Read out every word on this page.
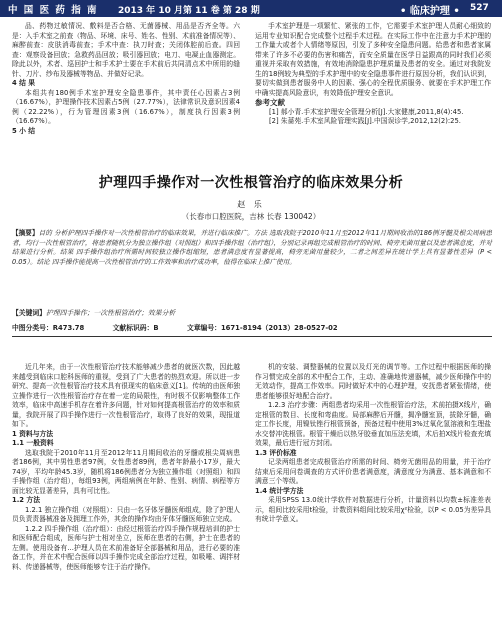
中 国 医 药 指 南 2013 年 10 月第 11 卷 第 28 期	• 临床护理 • 527

品、药物过敏情况、敷料是否合格、无菌器械、用品是否齐全等。六是：入手术室之前查（物品、环境、床号、姓名、性别、术前准备情况等）、麻醉前查：皮肤消毒前查；手术中查：执刀时查；关闭体腔前后查。四回查：观察设备回放；急救药品回放；吸引器回放；电刀、电凝止血器测定。除此以外，术者、巡回护士和手术护士要在手术前后共同清点术中所用的缝针、刀片、纱布及器械等物品、并做好记录。

4 结 果

本组共有180例手术室护理安全隐患事件，其中责任心因素占3例（16.67%），护理操作技术因素占5例（27.77%），法律常识及意识因素4例（22.22%），行为管理因素3例（16.67%），制度执行因素3例（16.67%）。

5 小 结

手术室护理是一项繁忙、紧张的工作，它需要手术室护理人员耐心细致的运用专业知识配合完成整个过程手术过程。在实际工作中在注意力手术护理的工作量大或者个人情绪等原因，引发了多种安全隐患问题。给患者和患者家属带来了许多不必要的伤害和痛苦，而安全质量在医学日益跟高的同时我们必须重视并采取有效措施，有效地消除隐患护理质量及患者的安全。通过对我院发生的18例较为典型的手术护理中的安全隐患事件进行原因分析，我们认识到，要切实做到患者服务中人的因素、强心的全程优质服务、就要在手术护理工作中确实提高风险意识，有效降低护理安全意识。

参考文献

[1] 郝小青.手术室护理安全管理分析[J].大家健康,2011,8(4):45.

[2] 朱蔷苑.手术室风险管理实践[J].中国误诊学,2012,12(2):25.

护理四手操作对一次性根管治疗的临床效果分析
赵 乐
（长春市口腔医院，吉林 长春 130042）
【摘要】目的 分析护理四手操作对一次性根管治疗的临床效果，并进行临床推广。方法 选取我院于2010年11月至2012年11月期间收治的186例牙髓及根尖周病患者，均行一次性根管治疗，将患者随机分为独立操作组（对照组）和四手操作组（治疗组），分别记录再组完成根管治疗的时间、椅旁无菌用量以及患者满意度，并对结果进行分析。结果 四手操作组治疗所需时间较独立操作组缩短，患者满意度有显著提高，椅旁无菌用量较少，二者之间差异在统计学上具有显著性差异（P < 0.05）。结论 四手操作能提高一次性根管治疗的工作效率和治疗成功率，值得在临床上推广使用。
【关键词】护理四手操作；一次性根管治疗；效果分析
中图分类号：R473.78	文献标识码：B	文章编号：1671-8194（2013）28-0527-02

近几年来，由于一次性根管治疗技术能够减少患者的就医次数，因此越来越受到临床口腔科医师的重视，受到了广大患者的热烈欢迎。所以进一步研究、提高一次性根管治疗技术具有很现实的临床意义[1]。传统的由医师独立操作进行一次性根管治疗存在着一定的局限性，有时极不仅影响整体工作效率，临床中高速手机存在着许多问题，针对如何提高根管治疗的效率和质量，我院开展了四手操作进行一次性根管治疗，取得了良好的效果，现报道如下。

1 资料与方法

1.1 一般资料

选取我院于2010年11月至2012年11月期间收治的牙髓或根尖周病患者186例，其中男性患者97例，女性患者89例，患者年龄最小17岁，最大74岁，平均年龄45.3岁，随机将186例患者分为独立操作组（对照组）和四手操作组（治疗组），每组93例，两组病例在年龄、性别、病情、病程等方面比较无显著差异，具有可比性。

1.2 方法

1.2.1 独立操作组（对照组）：只由一名牙体牙髓医师组成，除了护理人员负责责器械准备及拥理工作外，其余的操作均由牙体牙髓医师独立完成。

1.2.2 四手操作组（治疗组）：由经过根管治疗四手操作规程培训的护士和医师配合组成，医师与护士相对坐立，医师在患者的右侧，护士在患者的左侧。使用设备有...护理人员在术前准备好全部器械和用品，进行必要的准备工作，并在术中配合医师以四手操作完成全部治疗过程，如吸唾、调拌材料、传递器械等，使医师能够专注于治疗操作。

机的安装、调整器械的位置以及灯光的调节等。工作过程中根据医师的操作习惯完成全部的术中配合工作，主动、准确地传递器械，减少医师操作中的无效动作，提高工作效率。同时做好术中的心理护理，安抚患者紧张情绪，使患者能够很好地配合治疗。

1.2.3 治疗步骤：两组患者均采用一次性根管治疗法，术前拍摄X线片，确定根管的数目、长度和弯曲度。局部麻醉后开髓，揭净髓室顶，拔除牙髓，确定工作长度，用镍钛锉行根管预备，预备过程中使用3%过氧化氢溶液和生理盐水交替冲洗根管。根管干燥后以热牙胶垂直加压法充填，术后拍X线片检查充填效果，最后进行冠方封闭。

1.3 评价标准

记录两组患者完成根管治疗所需的时间、椅旁无菌用品的用量，并于治疗结束后采用问卷调查的方式评价患者满意度，满意度分为满意、基本满意和不满意三个等级。

1.4 统计学方法

采用SPSS 13.0统计学软件对数据进行分析，计量资料以均数±标准差表示，组间比较采用t检验，计数资料组间比较采用χ²检验，以P < 0.05为差异具有统计学意义。
